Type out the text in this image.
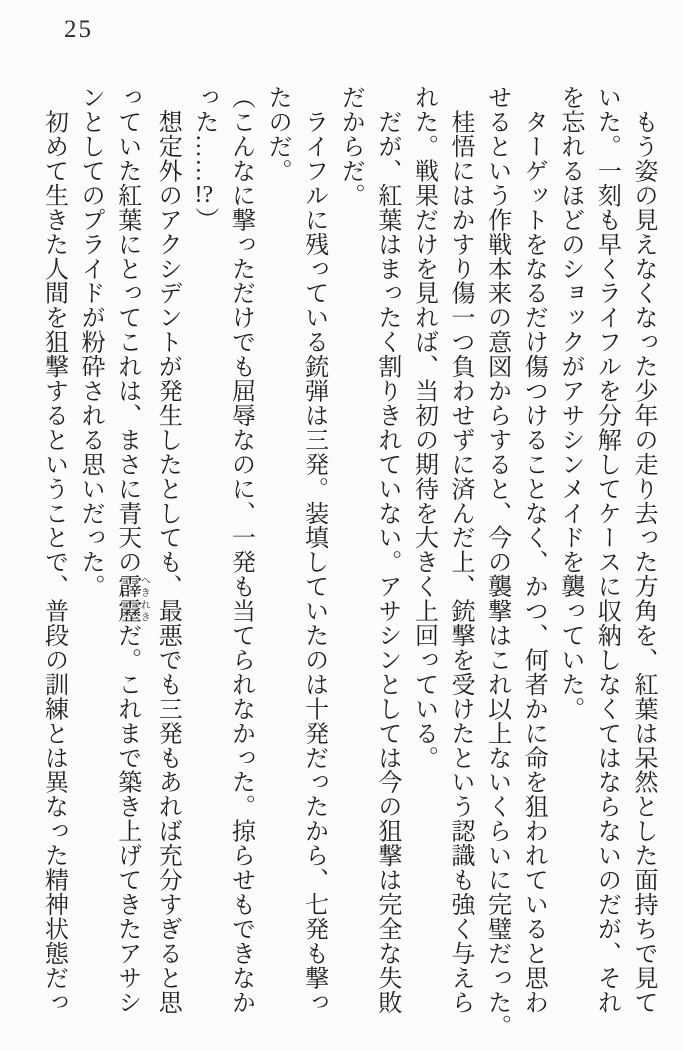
25
　もう姿の見えなくなった少年の走り去った方角を、紅葉は呆然とした面持ちで見て
いた。一刻も早くライフルを分解してケースに収納しなくてはならないのだが、それ
を忘れるほどのショックがアサシンメイドを襲っていた。
　ターゲットをなるだけ傷つけることなく、かつ、何者かに命を狙われていると思わ
せるという作戦本来の意図からすると、今の襲撃はこれ以上ないくらいに完璧だった。
　桂悟にはかすり傷一つ負わせずに済んだ上、銃撃を受けたという認識も強く与えら
れた。戦果だけを見れば、当初の期待を大きく上回っている。
　だが、紅葉はまったく割りきれていない。アサシンとしては今の狙撃は完全な失敗
だからだ。
　ライフルに残っている銃弾は三発。装填していたのは十発だったから、七発も撃っ
たのだ。
（こんなに撃っただけでも屈辱なのに、一発も当てられなかった。掠らせもできなか
った……!?）
　想定外のアクシデントが発生したとしても、最悪でも三発もあれば充分すぎると思
っていた紅葉にとってこれは、まさに青天の霹靂へきれきだ。これまで築き上げてきたアサシ
ンとしてのプライドが粉砕される思いだった。
　初めて生きた人間を狙撃するということで、普段の訓練とは異なった精神状態だっ
